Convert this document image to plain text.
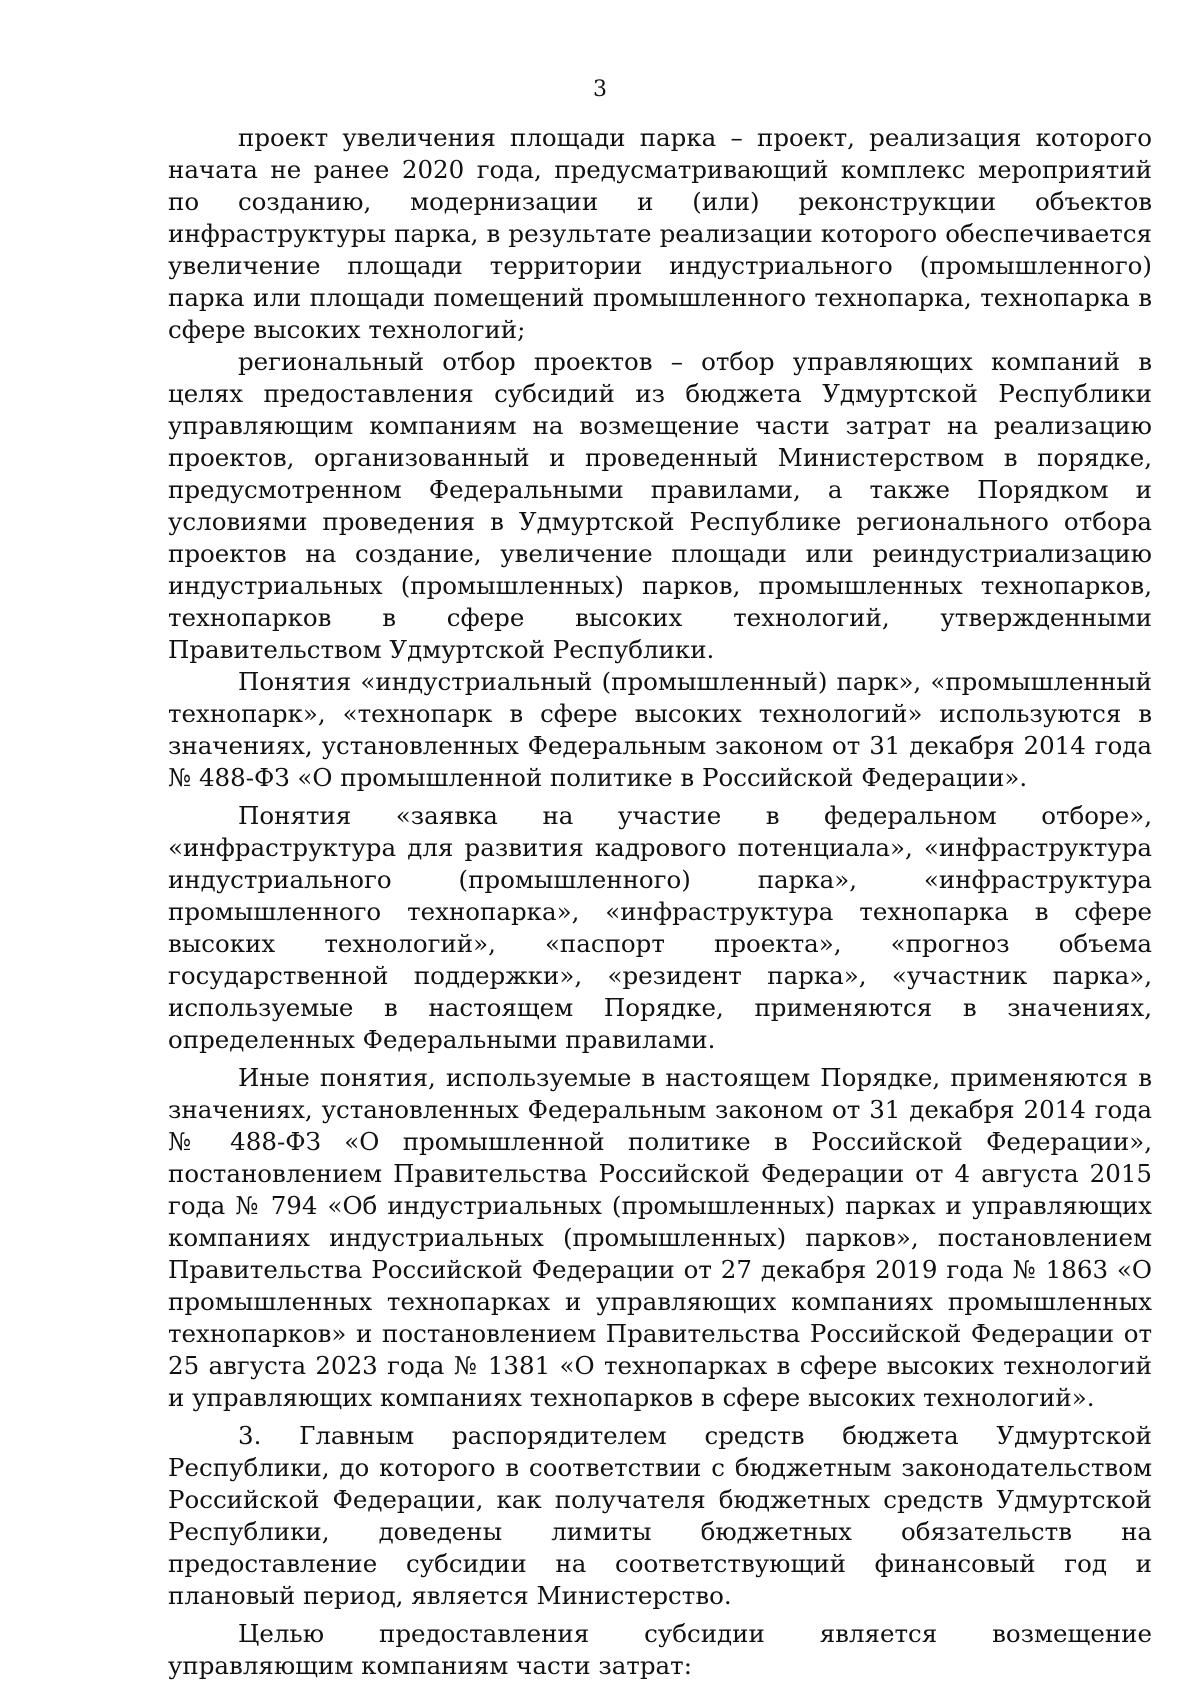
3

проект увеличения площади парка – проект, реализация которого начата не ранее 2020 года, предусматривающий комплекс мероприятий по созданию, модернизации и (или) реконструкции объектов инфраструктуры парка, в результате реализации которого обеспечивается увеличение площади территории индустриального (промышленного) парка или площади помещений промышленного технопарка, технопарка в сфере высоких технологий;

региональный отбор проектов – отбор управляющих компаний в целях предоставления субсидий из бюджета Удмуртской Республики управляющим компаниям на возмещение части затрат на реализацию проектов, организованный и проведенный Министерством в порядке, предусмотренном Федеральными правилами, а также Порядком и условиями проведения в Удмуртской Республике регионального отбора проектов на создание, увеличение площади или реиндустриализацию индустриальных (промышленных) парков, промышленных технопарков, технопарков в сфере высоких технологий, утвержденными Правительством Удмуртской Республики.

Понятия «индустриальный (промышленный) парк», «промышленный технопарк», «технопарк в сфере высоких технологий» используются в значениях, установленных Федеральным законом от 31 декабря 2014 года № 488-ФЗ «О промышленной политике в Российской Федерации».

Понятия «заявка на участие в федеральном отборе», «инфраструктура для развития кадрового потенциала», «инфраструктура индустриального (промышленного) парка», «инфраструктура промышленного технопарка», «инфраструктура технопарка в сфере высоких технологий», «паспорт проекта», «прогноз объема государственной поддержки», «резидент парка», «участник парка», используемые в настоящем Порядке, применяются в значениях, определенных Федеральными правилами.

Иные понятия, используемые в настоящем Порядке, применяются в значениях, установленных Федеральным законом от 31 декабря 2014 года № 488-ФЗ «О промышленной политике в Российской Федерации», постановлением Правительства Российской Федерации от 4 августа 2015 года № 794 «Об индустриальных (промышленных) парках и управляющих компаниях индустриальных (промышленных) парков», постановлением Правительства Российской Федерации от 27 декабря 2019 года № 1863 «О промышленных технопарках и управляющих компаниях промышленных технопарков» и постановлением Правительства Российской Федерации от 25 августа 2023 года № 1381 «О технопарках в сфере высоких технологий и управляющих компаниях технопарков в сфере высоких технологий».

3. Главным распорядителем средств бюджета Удмуртской Республики, до которого в соответствии с бюджетным законодательством Российской Федерации, как получателя бюджетных средств Удмуртской Республики, доведены лимиты бюджетных обязательств на предоставление субсидии на соответствующий финансовый год и плановый период, является Министерство.

Целью предоставления субсидии является возмещение управляющим компаниям части затрат:
